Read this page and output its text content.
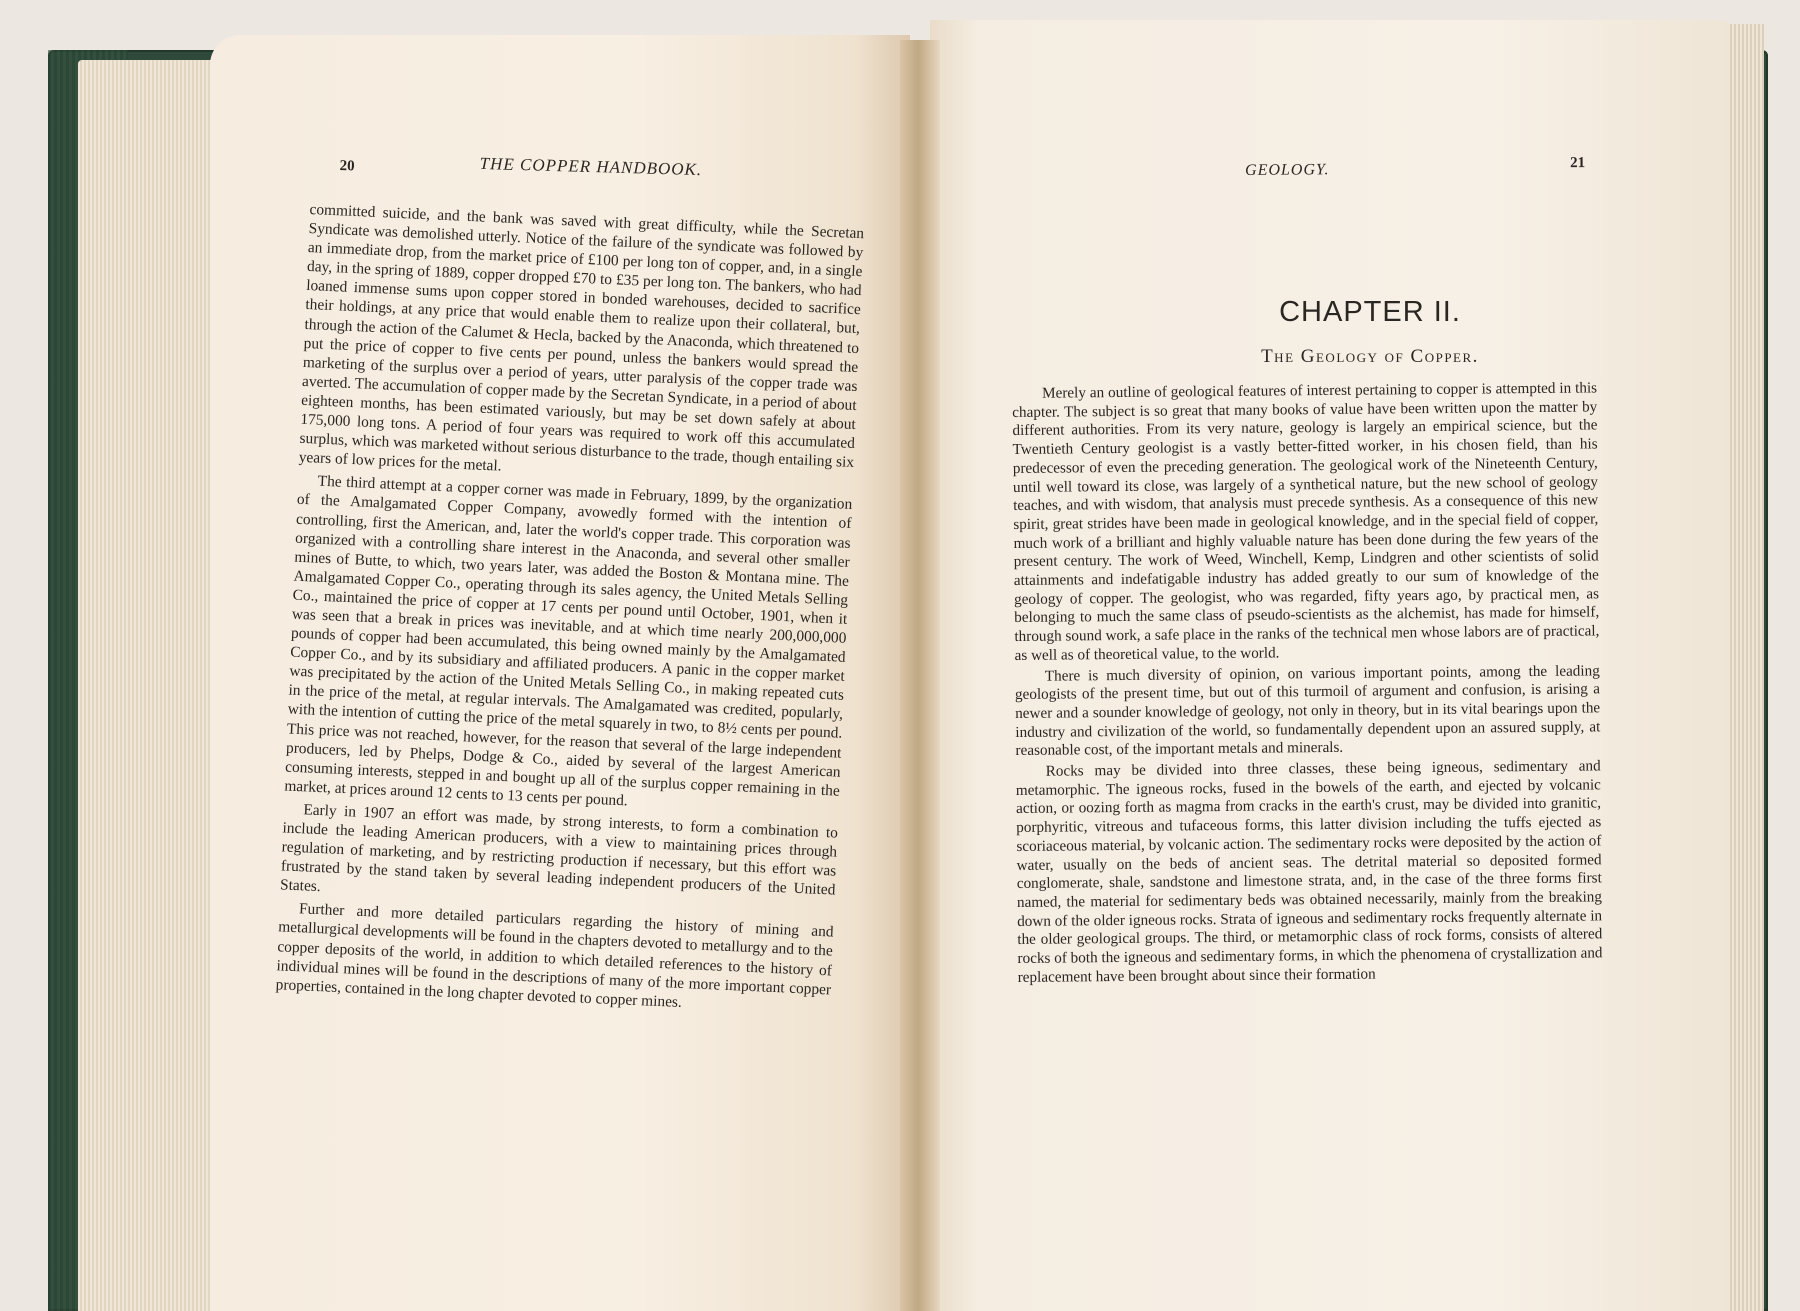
20	THE COPPER HANDBOOK.

committed suicide, and the bank was saved with great difficulty, while the Secretan Syndicate was demolished utterly. Notice of the failure of the syndicate was followed by an immediate drop, from the market price of £100 per long ton of copper, and, in a single day, in the spring of 1889, copper dropped £70 to £35 per long ton. The bankers, who had loaned immense sums upon copper stored in bonded warehouses, decided to sacrifice their holdings, at any price that would enable them to realize upon their collateral, but, through the action of the Calumet & Hecla, backed by the Anaconda, which threatened to put the price of copper to five cents per pound, unless the bankers would spread the marketing of the surplus over a period of years, utter paralysis of the copper trade was averted. The accumulation of copper made by the Secretan Syndicate, in a period of about eighteen months, has been estimated variously, but may be set down safely at about 175,000 long tons. A period of four years was required to work off this accumulated surplus, which was marketed without serious disturbance to the trade, though entailing six years of low prices for the metal.

The third attempt at a copper corner was made in February, 1899, by the organization of the Amalgamated Copper Company, avowedly formed with the intention of controlling, first the American, and, later the world's copper trade. This corporation was organized with a controlling share interest in the Anaconda, and several other smaller mines of Butte, to which, two years later, was added the Boston & Montana mine. The Amalgamated Copper Co., operating through its sales agency, the United Metals Selling Co., maintained the price of copper at 17 cents per pound until October, 1901, when it was seen that a break in prices was inevitable, and at which time nearly 200,000,000 pounds of copper had been accumulated, this being owned mainly by the Amalgamated Copper Co., and by its subsidiary and affiliated producers. A panic in the copper market was precipitated by the action of the United Metals Selling Co., in making repeated cuts in the price of the metal, at regular intervals. The Amalgamated was credited, popularly, with the intention of cutting the price of the metal squarely in two, to 8½ cents per pound. This price was not reached, however, for the reason that several of the large independent producers, led by Phelps, Dodge & Co., aided by several of the largest American consuming interests, stepped in and bought up all of the surplus copper remaining in the market, at prices around 12 cents to 13 cents per pound.

Early in 1907 an effort was made, by strong interests, to form a combination to include the leading American producers, with a view to maintaining prices through regulation of marketing, and by restricting production if necessary, but this effort was frustrated by the stand taken by several leading independent producers of the United States.

Further and more detailed particulars regarding the history of mining and metallurgical developments will be found in the chapters devoted to metallurgy and to the copper deposits of the world, in addition to which detailed references to the history of individual mines will be found in the descriptions of many of the more important copper properties, contained in the long chapter devoted to copper mines.

GEOLOGY.	21
CHAPTER II.
The Geology of Copper.

Merely an outline of geological features of interest pertaining to copper is attempted in this chapter. The subject is so great that many books of value have been written upon the matter by different authorities. From its very nature, geology is largely an empirical science, but the Twentieth Century geologist is a vastly better-fitted worker, in his chosen field, than his predecessor of even the preceding generation. The geological work of the Nineteenth Century, until well toward its close, was largely of a synthetical nature, but the new school of geology teaches, and with wisdom, that analysis must precede synthesis. As a consequence of this new spirit, great strides have been made in geological knowledge, and in the special field of copper, much work of a brilliant and highly valuable nature has been done during the few years of the present century. The work of Weed, Winchell, Kemp, Lindgren and other scientists of solid attainments and indefatigable industry has added greatly to our sum of knowledge of the geology of copper. The geologist, who was regarded, fifty years ago, by practical men, as belonging to much the same class of pseudo-scientists as the alchemist, has made for himself, through sound work, a safe place in the ranks of the technical men whose labors are of practical, as well as of theoretical value, to the world.

There is much diversity of opinion, on various important points, among the leading geologists of the present time, but out of this turmoil of argument and confusion, is arising a newer and a sounder knowledge of geology, not only in theory, but in its vital bearings upon the industry and civilization of the world, so fundamentally dependent upon an assured supply, at reasonable cost, of the important metals and minerals.

Rocks may be divided into three classes, these being igneous, sedimentary and metamorphic. The igneous rocks, fused in the bowels of the earth, and ejected by volcanic action, or oozing forth as magma from cracks in the earth's crust, may be divided into granitic, porphyritic, vitreous and tufaceous forms, this latter division including the tuffs ejected as scoriaceous material, by volcanic action. The sedimentary rocks were deposited by the action of water, usually on the beds of ancient seas. The detrital material so deposited formed conglomerate, shale, sandstone and limestone strata, and, in the case of the three forms first named, the material for sedimentary beds was obtained necessarily, mainly from the breaking down of the older igneous rocks. Strata of igneous and sedimentary rocks frequently alternate in the older geological groups. The third, or metamorphic class of rock forms, consists of altered rocks of both the igneous and sedimentary forms, in which the phenomena of crystallization and replacement have been brought about since their formation
